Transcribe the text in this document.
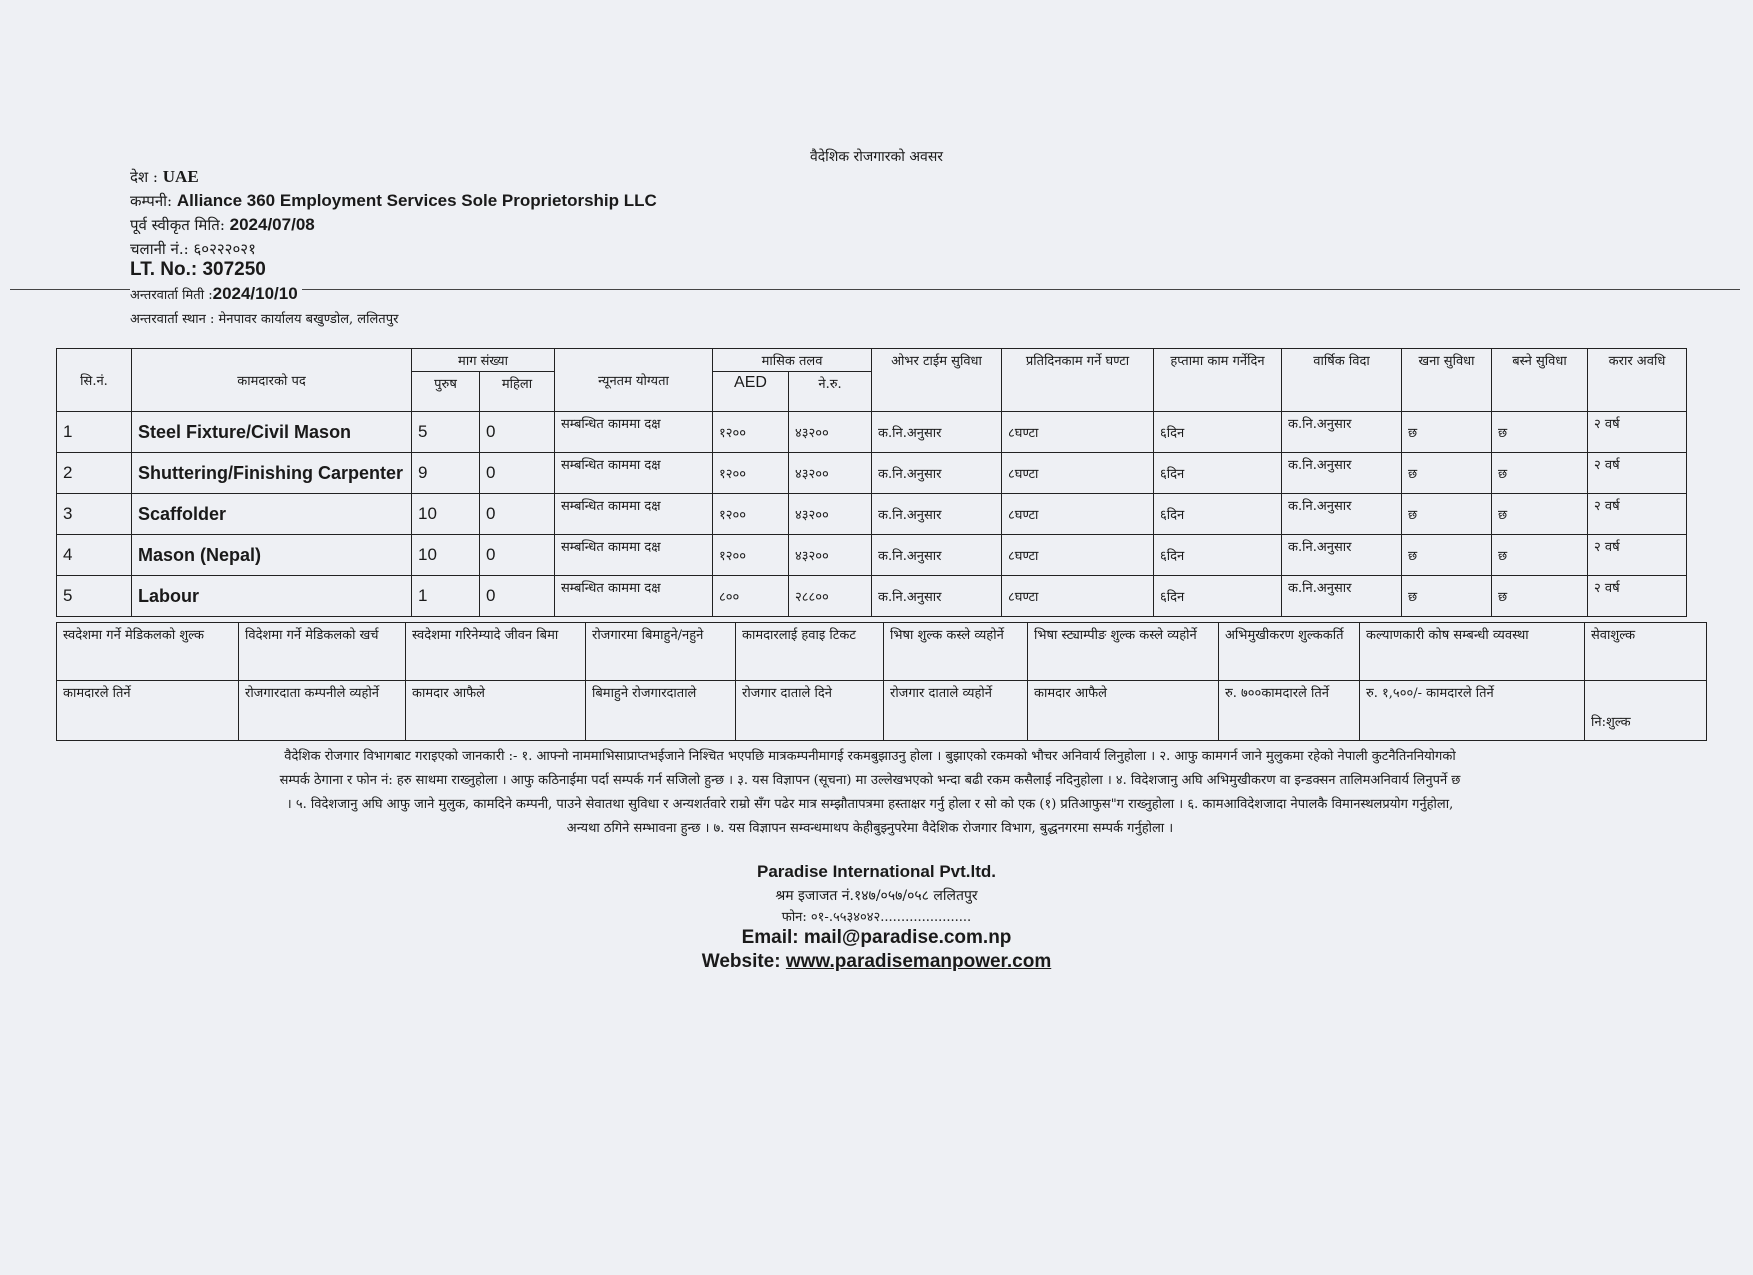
वैदेशिक रोजगारको अवसर
देश : UAE
कम्पनी: Alliance 360 Employment Services Sole Proprietorship LLC
पूर्व स्वीकृत मिति: 2024/07/08
चलानी नं.: ६०२२२०२१
LT. No.: 307250
अन्तरवार्ता मिती :2024/10/10
अन्तरवार्ता स्थान : मेनपावर कार्यालय बखुण्डोल, ललितपुर
सि.नं.	कामदारको पद	माग संख्या		न्यूनतम योग्यता	मासिक तलव		ओभर टाईम सुविधा	प्रतिदिनकाम गर्ने घण्टा	हप्तामा काम गर्नेदिन	वार्षिक विदा	खना सुविधा	बस्ने सुविधा	करार अवधि
		पुरुष	महिला		AED	ने.रु.							
1	Steel Fixture/Civil Mason	5	0	सम्बन्धित काममा दक्ष	१२००	४३२००	क.नि.अनुसार	८घण्टा	६दिन	क.नि.अनुसार	छ	छ	२ वर्ष
2	Shuttering/Finishing Carpenter	9	0	सम्बन्धित काममा दक्ष	१२००	४३२००	क.नि.अनुसार	८घण्टा	६दिन	क.नि.अनुसार	छ	छ	२ वर्ष
3	Scaffolder	10	0	सम्बन्धित काममा दक्ष	१२००	४३२००	क.नि.अनुसार	८घण्टा	६दिन	क.नि.अनुसार	छ	छ	२ वर्ष
4	Mason (Nepal)	10	0	सम्बन्धित काममा दक्ष	१२००	४३२००	क.नि.अनुसार	८घण्टा	६दिन	क.नि.अनुसार	छ	छ	२ वर्ष
5	Labour	1	0	सम्बन्धित काममा दक्ष	८००	२८८००	क.नि.अनुसार	८घण्टा	६दिन	क.नि.अनुसार	छ	छ	२ वर्ष
स्वदेशमा गर्ने मेडिकलको शुल्क	विदेशमा गर्ने मेडिकलको खर्च	स्वदेशमा गरिनेम्यादे जीवन बिमा	रोजगारमा बिमाहुने/नहुने	कामदारलाई हवाइ टिकट	भिषा शुल्क कस्ले व्यहोर्ने	भिषा स्ट्याम्पीङ शुल्क कस्ले व्यहोर्ने	अभिमुखीकरण शुल्ककर्ति	कल्याणकारी कोष सम्बन्धी व्यवस्था	सेवाशुल्क
कामदारले तिर्ने	रोजगारदाता कम्पनीले व्यहोर्ने	कामदार आफैले	बिमाहुने रोजगारदाताले	रोजगार दाताले दिने	रोजगार दाताले व्यहोर्ने	कामदार आफैले	रु. ७००कामदारले तिर्ने	रु. १,५००/- कामदारले तिर्ने	नि:शुल्क
वैदेशिक रोजगार विभागबाट गराइएको जानकारी :- १. आफ्नो नाममाभिसाप्राप्तभईजाने निश्चित भएपछि मात्रकम्पनीमागई रकमबुझाउनु होला । बुझाएको रकमको भौचर अनिवार्य लिनुहोला । २. आफु कामगर्न जाने मुलुकमा रहेको नेपाली कुटनैतिननियोगको
सम्पर्क ठेगाना र फोन नं: हरु साथमा राख्नुहोला । आफु कठिनाईमा पर्दा सम्पर्क गर्न सजिलो हुन्छ । ३. यस विज्ञापन (सूचना) मा उल्लेखभएको भन्दा बढी रकम कसैलाई नदिनुहोला । ४. विदेशजानु अघि अभिमुखीकरण वा इन्डक्सन तालिमअनिवार्य लिनुपर्ने छ
। ५. विदेशजानु अघि आफु जाने मुलुक, कामदिने कम्पनी, पाउने सेवातथा सुविधा र अन्यशर्तवारे राम्रो सँग पढेर मात्र सम्झौतापत्रमा हस्ताक्षर गर्नु होला र सो को एक (१) प्रतिआफुस"ग राख्नुहोला । ६. कामआविदेशजादा नेपालकै विमानस्थलप्रयोग गर्नुहोला,
अन्यथा ठगिने सम्भावना हुन्छ । ७. यस विज्ञापन सम्वन्धमाथप केहीबुझ्नुपरेमा वैदेशिक रोजगार विभाग, बुद्धनगरमा सम्पर्क गर्नुहोला ।
Paradise International Pvt.ltd.
श्रम इजाजत नं.१४७/०५७/०५८ ललितपुर
फोन: ०१-.५५३४०४२......................
Email: mail@paradise.com.np
Website: www.paradisemanpower.com
